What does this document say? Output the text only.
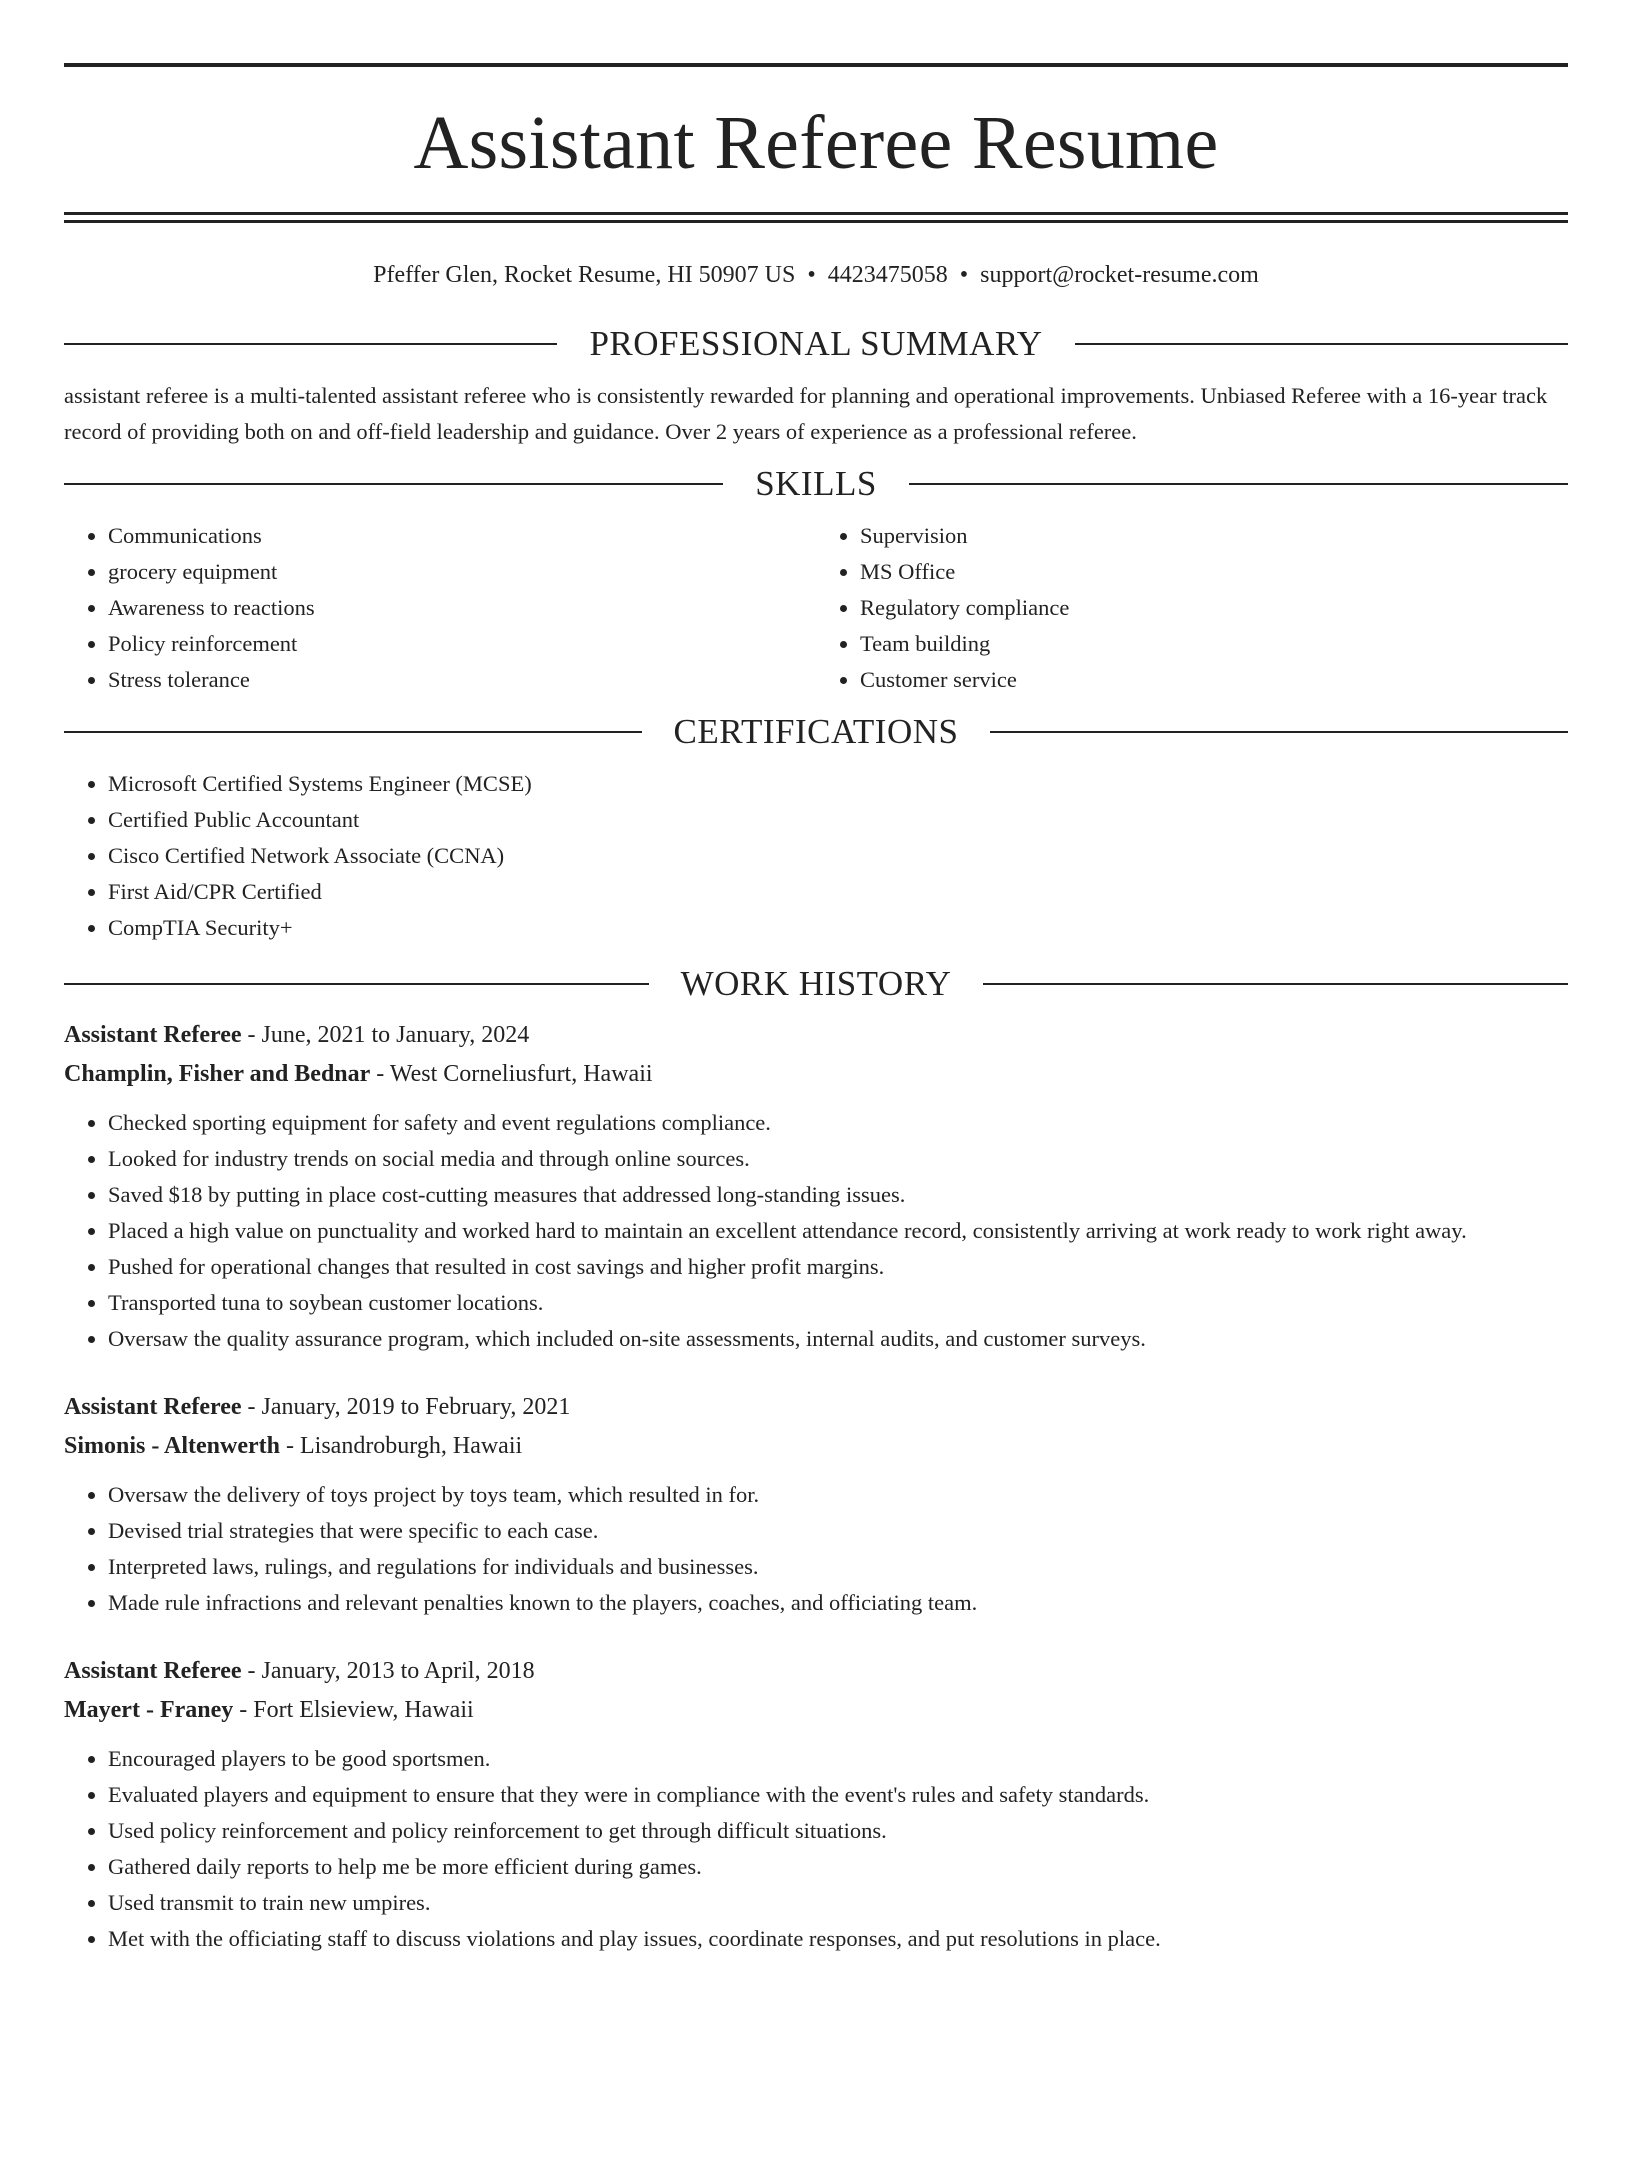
Assistant Referee Resume
Pfeffer Glen, Rocket Resume, HI 50907 US • 4423475058 • support@rocket-resume.com
PROFESSIONAL SUMMARY

assistant referee is a multi-talented assistant referee who is consistently rewarded for planning and operational improvements. Unbiased Referee with a 16-year track record of providing both on and off-field leadership and guidance. Over 2 years of experience as a professional referee.

SKILLS
• Communications
• grocery equipment
• Awareness to reactions
• Policy reinforcement
• Stress tolerance
• Supervision
• MS Office
• Regulatory compliance
• Team building
• Customer service
CERTIFICATIONS
• Microsoft Certified Systems Engineer (MCSE)
• Certified Public Accountant
• Cisco Certified Network Associate (CCNA)
• First Aid/CPR Certified
• CompTIA Security+
WORK HISTORY

Assistant Referee - June, 2021 to January, 2024

Champlin, Fisher and Bednar - West Corneliusfurt, Hawaii

• Checked sporting equipment for safety and event regulations compliance.
• Looked for industry trends on social media and through online sources.
• Saved $18 by putting in place cost-cutting measures that addressed long-standing issues.
• Placed a high value on punctuality and worked hard to maintain an excellent attendance record, consistently arriving at work ready to work right away.
• Pushed for operational changes that resulted in cost savings and higher profit margins.
• Transported tuna to soybean customer locations.
• Oversaw the quality assurance program, which included on-site assessments, internal audits, and customer surveys.

Assistant Referee - January, 2019 to February, 2021

Simonis - Altenwerth - Lisandroburgh, Hawaii

• Oversaw the delivery of toys project by toys team, which resulted in for.
• Devised trial strategies that were specific to each case.
• Interpreted laws, rulings, and regulations for individuals and businesses.
• Made rule infractions and relevant penalties known to the players, coaches, and officiating team.

Assistant Referee - January, 2013 to April, 2018

Mayert - Franey - Fort Elsieview, Hawaii

• Encouraged players to be good sportsmen.
• Evaluated players and equipment to ensure that they were in compliance with the event's rules and safety standards.
• Used policy reinforcement and policy reinforcement to get through difficult situations.
• Gathered daily reports to help me be more efficient during games.
• Used transmit to train new umpires.
• Met with the officiating staff to discuss violations and play issues, coordinate responses, and put resolutions in place.
